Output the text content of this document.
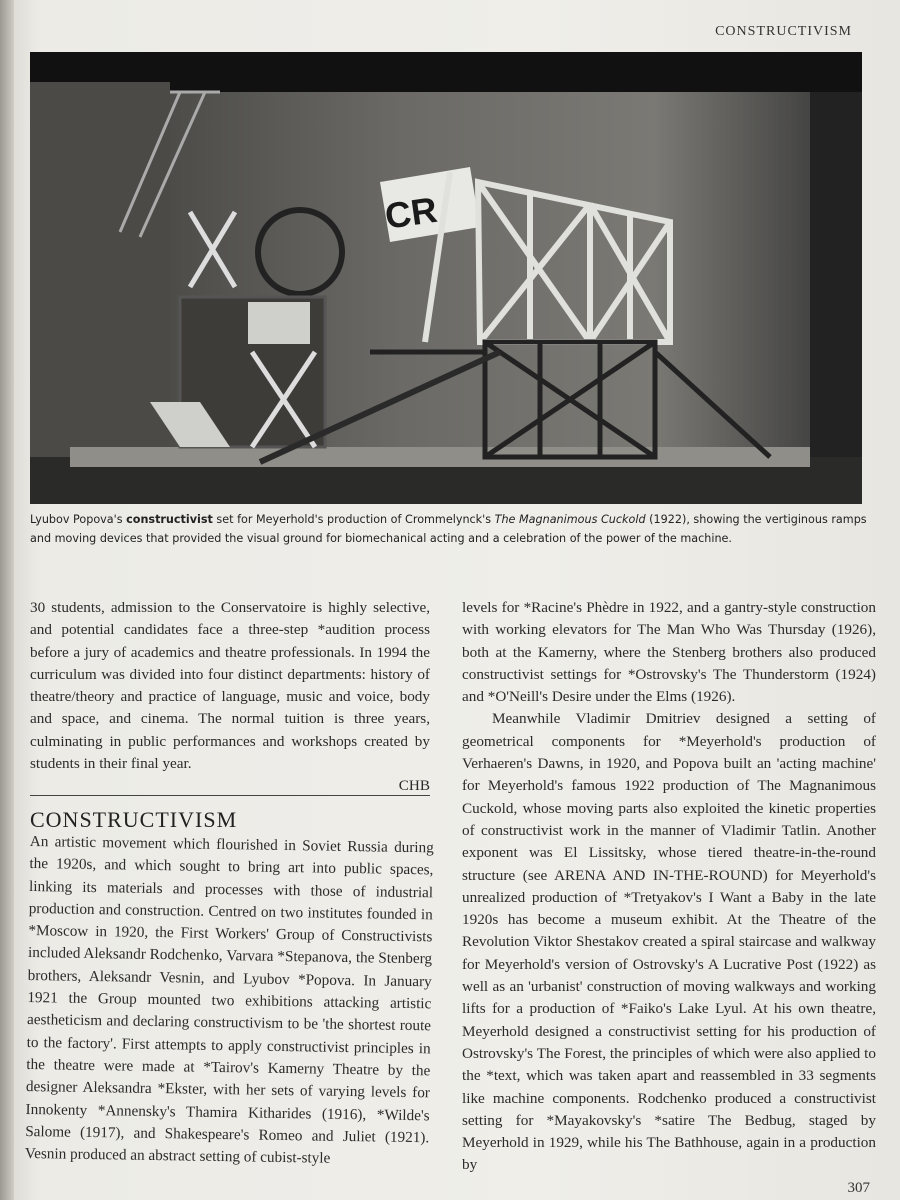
CONSTRUCTIVISM
CR
Lyubov Popova's constructivist set for Meyerhold's production of Crommelynck's The Magnanimous Cuckold (1922), showing the vertiginous ramps and moving devices that provided the visual ground for biomechanical acting and a celebration of the power of the machine.

30 students, admission to the Conservatoire is highly selective, and potential candidates face a three-step *audition process before a jury of academics and theatre professionals. In 1994 the curriculum was divided into four distinct departments: history of theatre/theory and practice of language, music and voice, body and space, and cinema. The normal tuition is three years, culminating in public performances and workshops created by students in their final year.

CHB
CONSTRUCTIVISM

An artistic movement which flourished in Soviet Russia during the 1920s, and which sought to bring art into public spaces, linking its materials and processes with those of industrial production and construction. Centred on two institutes founded in *Moscow in 1920, the First Workers' Group of Constructivists included Aleksandr Rodchenko, Varvara *Stepanova, the Stenberg brothers, Aleksandr Vesnin, and Lyubov *Popova. In January 1921 the Group mounted two exhibitions attacking artistic aestheticism and declaring constructivism to be 'the shortest route to the factory'. First attempts to apply constructivist principles in the theatre were made at *Tairov's Kamerny Theatre by the designer Aleksandra *Ekster, with her sets of varying levels for Innokenty *Annensky's Thamira Kitharides (1916), *Wilde's Salome (1917), and Shakespeare's Romeo and Juliet (1921). Vesnin produced an abstract setting of cubist-style

levels for *Racine's Phèdre in 1922, and a gantry-style construction with working elevators for The Man Who Was Thursday (1926), both at the Kamerny, where the Stenberg brothers also produced constructivist settings for *Ostrovsky's The Thunderstorm (1924) and *O'Neill's Desire under the Elms (1926).

Meanwhile Vladimir Dmitriev designed a setting of geometrical components for *Meyerhold's production of Verhaeren's Dawns, in 1920, and Popova built an 'acting machine' for Meyerhold's famous 1922 production of The Magnanimous Cuckold, whose moving parts also exploited the kinetic properties of constructivist work in the manner of Vladimir Tatlin. Another exponent was El Lissitsky, whose tiered theatre-in-the-round structure (see ARENA AND IN-THE-ROUND) for Meyerhold's unrealized production of *Tretyakov's I Want a Baby in the late 1920s has become a museum exhibit. At the Theatre of the Revolution Viktor Shestakov created a spiral staircase and walkway for Meyerhold's version of Ostrovsky's A Lucrative Post (1922) as well as an 'urbanist' construction of moving walkways and working lifts for a production of *Faiko's Lake Lyul. At his own theatre, Meyerhold designed a constructivist setting for his production of Ostrovsky's The Forest, the principles of which were also applied to the *text, which was taken apart and reassembled in 33 segments like machine components. Rodchenko produced a constructivist setting for *Mayakovsky's *satire The Bedbug, staged by Meyerhold in 1929, while his The Bathhouse, again in a production by

307
